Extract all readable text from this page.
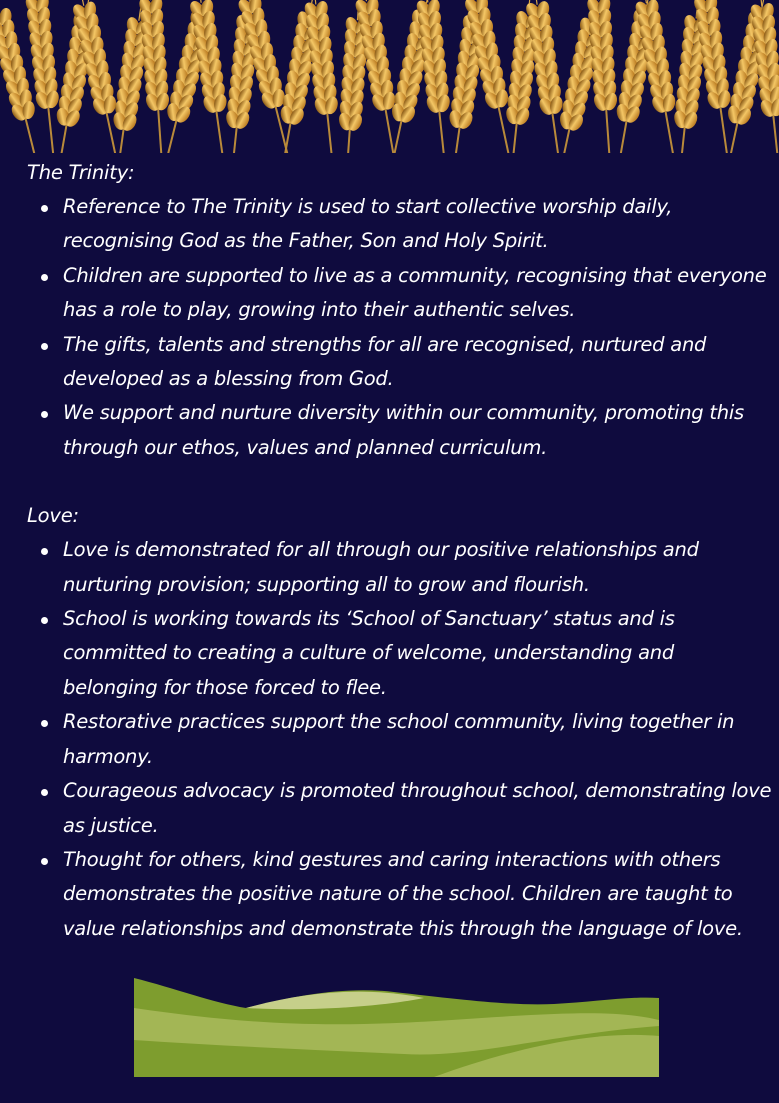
The Trinity:
Reference to The Trinity is used to start collective worship daily, recognising God as the Father, Son and Holy Spirit.
Children are supported to live as a community, recognising that everyone has a role to play, growing into their authentic selves.
The gifts, talents and strengths for all are recognised, nurtured and developed as a blessing from God.
We support and nurture diversity within our community, promoting this through our ethos, values and planned curriculum.
Love:
Love is demonstrated for all through our positive relationships and nurturing provision; supporting all to grow and flourish.
School is working towards its ‘School of Sanctuary’ status and is committed to creating a culture of welcome, understanding and belonging for those forced to flee.
Restorative practices support the school community, living together in harmony.
Courageous advocacy is promoted throughout school, demonstrating love as justice.
Thought for others, kind gestures and caring interactions with others demonstrates the positive nature of the school. Children are taught to value relationships and demonstrate this through the language of love.
